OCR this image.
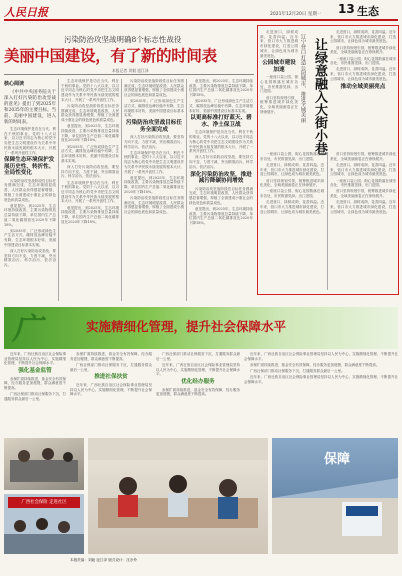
人民日报	2021年12月20日 星期一 13 生态
污染防治攻坚战明确8个标志性战役
美丽中国建设，有了新的时间表
本报记者 刘毅 寇江泽
核心阅读

《中共中央国务院关于深入打好污染防治攻坚战的意见》提出了到2025年和2035年的主要目标。当前，美丽中国建设，进入新的时间表。

生态环境保护是功在当代、利在千秋的事业。党的十八大以来，以习近平同志为核心的党中央把生态文明建设作为关系中华民族永续发展的根本大计，开展了一系列开创性工作。

保障生态环境保护发展历史性、转折性、全局性变化

污染防治攻坚战阶段性目标任务圆满完成，生态环境明显改善，人民群众获得感显著增强，厚植了全面建成小康社会的绿色底色和质量成色。

意见提出，到2025年，生态环境持续改善，主要污染物排放总量持续下降，单位国内生产总值二氧化碳排放比2020年下降18%。

到2035年，广泛形成绿色生产生活方式，碳排放达峰后稳中有降，生态环境根本好转，美丽中国建设目标基本实现。

深入打好污染防治攻坚战，要坚持方向不变、力度不减，突出精准治污、科学治污、依法治污。

生态环境保护是功在当代、利在千秋的事业。党的十八大以来，以习近平同志为核心的党中央把生态文明建设作为关系中华民族永续发展的根本大计，开展了一系列开创性工作。

污染防治攻坚战阶段性目标任务圆满完成，生态环境明显改善，人民群众获得感显著增强，厚植了全面建成小康社会的绿色底色和质量成色。

意见提出，到2025年，生态环境持续改善，主要污染物排放总量持续下降，单位国内生产总值二氧化碳排放比2020年下降18%。

到2035年，广泛形成绿色生产生活方式，碳排放达峰后稳中有降，生态环境根本好转，美丽中国建设目标基本实现。

深入打好污染防治攻坚战，要坚持方向不变、力度不减，突出精准治污、科学治污、依法治污。

生态环境保护是功在当代、利在千秋的事业。党的十八大以来，以习近平同志为核心的党中央把生态文明建设作为关系中华民族永续发展的根本大计，开展了一系列开创性工作。

意见提出，到2025年，生态环境持续改善，主要污染物排放总量持续下降，单位国内生产总值二氧化碳排放比2020年下降18%。

污染防治攻坚战阶段性目标任务圆满完成，生态环境明显改善，人民群众获得感显著增强，厚植了全面建成小康社会的绿色底色和质量成色。

到2035年，广泛形成绿色生产生活方式，碳排放达峰后稳中有降，生态环境根本好转，美丽中国建设目标基本实现。

污染防治攻坚战目标任务全面完成

深入打好污染防治攻坚战，要坚持方向不变、力度不减，突出精准治污、科学治污、依法治污。

生态环境保护是功在当代、利在千秋的事业。党的十八大以来，以习近平同志为核心的党中央把生态文明建设作为关系中华民族永续发展的根本大计，开展了一系列开创性工作。

意见提出，到2025年，生态环境持续改善，主要污染物排放总量持续下降，单位国内生产总值二氧化碳排放比2020年下降18%。

污染防治攻坚战阶段性目标任务圆满完成，生态环境明显改善，人民群众获得感显著增强，厚植了全面建成小康社会的绿色底色和质量成色。

意见提出，到2025年，生态环境持续改善，主要污染物排放总量持续下降，单位国内生产总值二氧化碳排放比2020年下降18%。

到2035年，广泛形成绿色生产生活方式，碳排放达峰后稳中有降，生态环境根本好转，美丽中国建设目标基本实现。

以更高标准打好蓝天、碧水、净土保卫战

生态环境保护是功在当代、利在千秋的事业。党的十八大以来，以习近平同志为核心的党中央把生态文明建设作为关系中华民族永续发展的根本大计，开展了一系列开创性工作。

深入打好污染防治攻坚战，要坚持方向不变、力度不减，突出精准治污、科学治污、依法治污。

深化污染防治攻坚，推进减污降碳协同增效

污染防治攻坚战阶段性目标任务圆满完成，生态环境明显改善，人民群众获得感显著增强，厚植了全面建成小康社会的绿色底色和质量成色。

意见提出，到2025年，生态环境持续改善，主要污染物排放总量持续下降，单位国内生产总值二氧化碳排放比2020年下降18%。

走进营口，绿树成荫，花香四溢。近年来，营口市大力推进城市绿化建设，打造公园城市，让绿色成为城市最美底色。

公园城市建设加速

一座座口袋公园、街心花园散落在城市各处，市民推窗见绿、出门进园。

营口坚持规划引领，统筹推进城乡绿化美化，全域美丽画卷正在徐徐展开。	辽宁营口打造公园城市，推进全域美丽 让绿意融入大街小巷

走进营口，绿树成荫，花香四溢。近年来，营口市大力推进城市绿化建设，打造公园城市，让绿色成为城市最美底色。

营口坚持规划引领，统筹推进城乡绿化美化，全域美丽画卷正在徐徐展开。

一座座口袋公园、街心花园散落在城市各处，市民推窗见绿、出门进园。

走进营口，绿树成荫，花香四溢。近年来，营口市大力推进城市绿化建设，打造公园城市，让绿色成为城市最美底色。

推动全域美丽亮点

一座座口袋公园、街心花园散落在城市各处，市民推窗见绿、出门进园。

走进营口，绿树成荫，花香四溢。近年来，营口市大力推进城市绿化建设，打造公园城市，让绿色成为城市最美底色。

营口坚持规划引领，统筹推进城乡绿化美化，全域美丽画卷正在徐徐展开。

一座座口袋公园、街心花园散落在城市各处，市民推窗见绿、出门进园。

走进营口，绿树成荫，花香四溢。近年来，营口市大力推进城市绿化建设，打造公园城市，让绿色成为城市最美底色。

营口坚持规划引领，统筹推进城乡绿化美化，全域美丽画卷正在徐徐展开。

走进营口，绿树成荫，花香四溢。近年来，营口市大力推进城市绿化建设，打造公园城市，让绿色成为城市最美底色。

一座座口袋公园、街心花园散落在城市各处，市民推窗见绿、出门进园。

营口坚持规划引领，统筹推进城乡绿化美化，全域美丽画卷正在徐徐展开。

走进营口，绿树成荫，花香四溢。近年来，营口市大力推进城市绿化建设，打造公园城市，让绿色成为城市最美底色。

广	实施精细化管理，提升社会保障水平

近年来，广西壮族自治区社会保险事业管理局坚持以人民为中心，实施精细化管理，不断提升社会保障水平。

强化基金监管

参保扩面持续推进，基金安全有效保障，经办服务更加便捷，群众满意度不断提高。

广西社保部门推动社保服务下沉，打通服务群众最后一公里。

参保扩面持续推进，基金安全有效保障，经办服务更加便捷，群众满意度不断提高。

广西社保部门推动社保服务下沉，打通服务群众最后一公里。

推进社保扶贫

近年来，广西壮族自治区社会保险事业管理局坚持以人民为中心，实施精细化管理，不断提升社会保障水平。

广西社保部门推动社保服务下沉，打通服务群众最后一公里。

近年来，广西壮族自治区社会保险事业管理局坚持以人民为中心，实施精细化管理，不断提升社会保障水平。

优化经办服务

参保扩面持续推进，基金安全有效保障，经办服务更加便捷，群众满意度不断提高。

近年来，广西壮族自治区社会保险事业管理局坚持以人民为中心，实施精细化管理，不断提升社会保障水平。

参保扩面持续推进，基金安全有效保障，经办服务更加便捷，群众满意度不断提高。

广西社保部门推动社保服务下沉，打通服务群众最后一公里。

近年来，广西壮族自治区社会保险事业管理局坚持以人民为中心，实施精细化管理，不断提升社会保障水平。

广西社会保险 走进社区
保障
本版责编：刘毅 寇江泽 版式设计：沈亦伶
